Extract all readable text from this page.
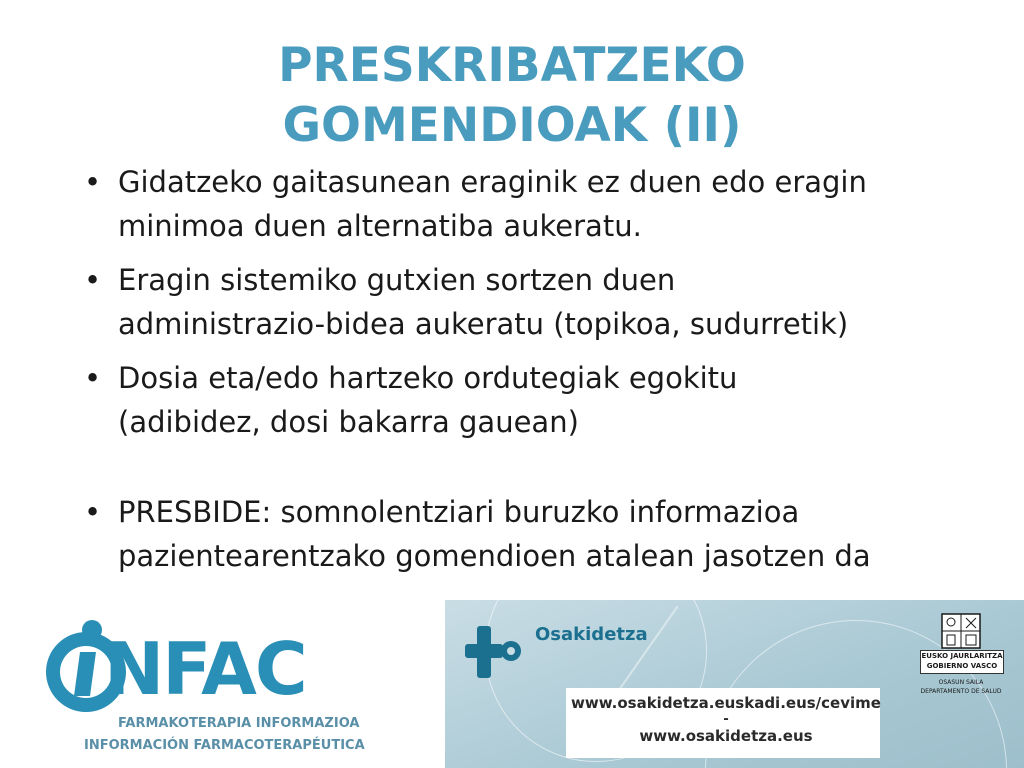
PRESKRIBATZEKO
GOMENDIOAK (II)
• Gidatzeko gaitasunean eraginik ez duen edo eragin
minimoa duen alternatiba aukeratu.
• Eragin sistemiko gutxien sortzen duen
administrazio-bidea aukeratu (topikoa, sudurretik)
• Dosia eta/edo hartzeko ordutegiak egokitu
(adibidez, dosi bakarra gauean)
• PRESBIDE: somnolentziari buruzko informazioa
pazientearentzako gomendioen atalean jasotzen da
Osakidetza
www.osakidetza.euskadi.eus/cevime
-
www.osakidetza.eus
EUSKO JAURLARITZA
GOBIERNO VASCO
OSASUN SAILA
DEPARTAMENTO DE SALUD
NFAC
FARMAKOTERAPIA INFORMAZIOA
INFORMACIÓN FARMACOTERAPÉUTICA
